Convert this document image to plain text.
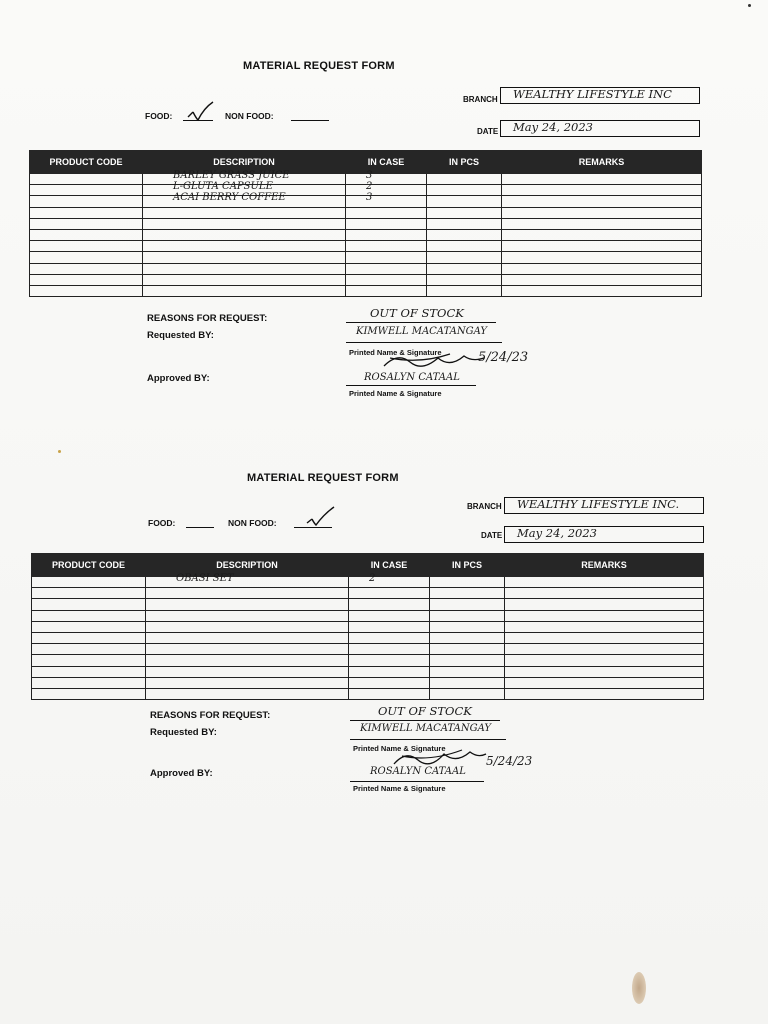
MATERIAL REQUEST FORM
FOOD:	NON FOOD:
BRANCH WEALTHY LIFESTYLE INC
DATE May 24, 2023
PRODUCT CODE	DESCRIPTION	IN CASE	IN PCS	REMARKS

	BARLEY GRASS JUICE	3		

	L-GLUTA CAPSULE	2		

	ACAI BERRY COFFEE	3		

REASONS FOR REQUEST:	OUT OF STOCK
Requested BY:	KIMWELL MACATANGAY
Printed Name & Signature	5/24/23
Approved BY:	ROSALYN CATAAL
Printed Name & Signature
MATERIAL REQUEST FORM
FOOD:	NON FOOD:
BRANCH WEALTHY LIFESTYLE INC.
DATE May 24, 2023
PRODUCT CODE	DESCRIPTION	IN CASE	IN PCS	REMARKS

	OBASI SET	2		

REASONS FOR REQUEST:	OUT OF STOCK
Requested BY:	KIMWELL MACATANGAY
Printed Name & Signature
5/24/23
Approved BY:	ROSALYN CATAAL
Printed Name & Signature
